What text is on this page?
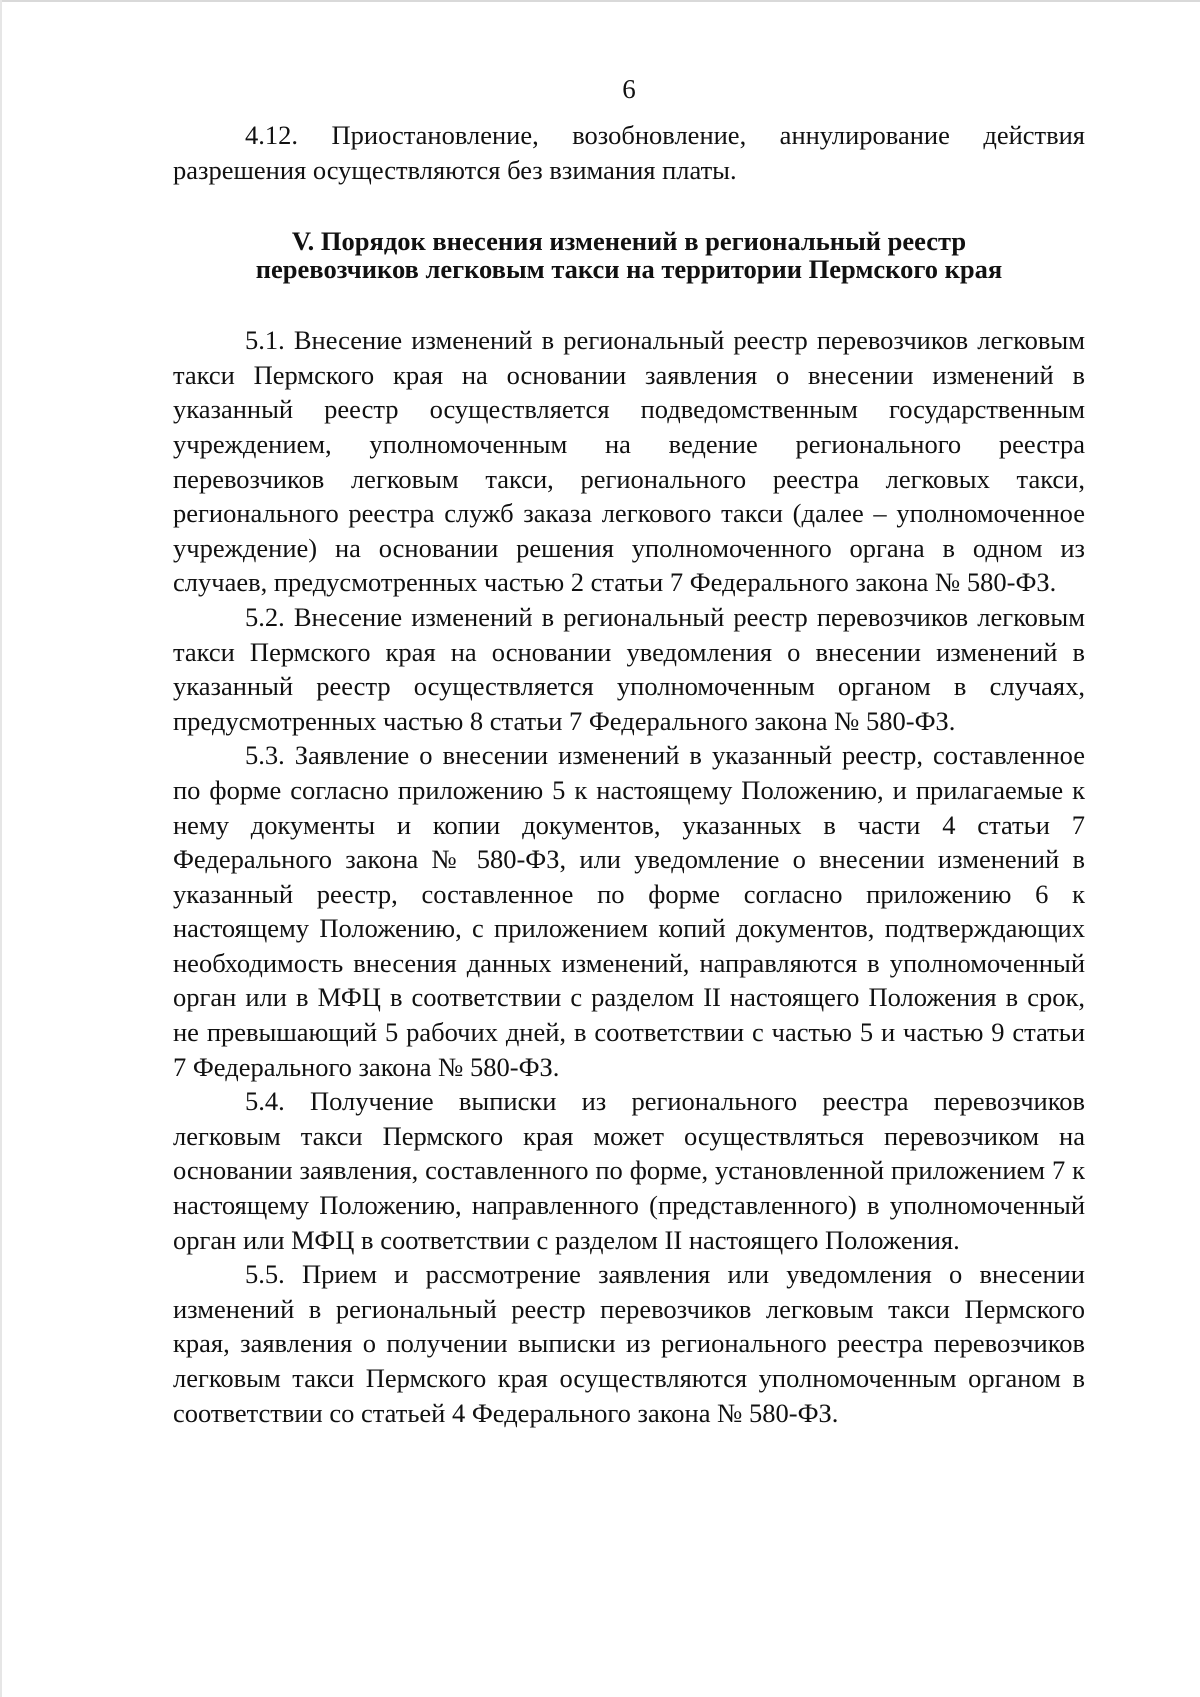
6

4.12. Приостановление, возобновление, аннулирование действия разрешения осуществляются без взимания платы.

V. Порядок внесения изменений в региональный реестр
перевозчиков легковым такси на территории Пермского края

5.1. Внесение изменений в региональный реестр перевозчиков легковым такси Пермского края на основании заявления о внесении изменений в указанный реестр осуществляется подведомственным государственным учреждением, уполномоченным на ведение регионального реестра перевозчиков легковым такси, регионального реестра легковых такси, регионального реестра служб заказа легкового такси (далее – уполномоченное учреждение) на основании решения уполномоченного органа в одном из случаев, предусмотренных частью 2 статьи 7 Федерального закона № 580-ФЗ.

5.2. Внесение изменений в региональный реестр перевозчиков легковым такси Пермского края на основании уведомления о внесении изменений в указанный реестр осуществляется уполномоченным органом в случаях, предусмотренных частью 8 статьи 7 Федерального закона № 580-ФЗ.

5.3. Заявление о внесении изменений в указанный реестр, составленное по форме согласно приложению 5 к настоящему Положению, и прилагаемые к нему документы и копии документов, указанных в части 4 статьи 7 Федерального закона № 580-ФЗ, или уведомление о внесении изменений в указанный реестр, составленное по форме согласно приложению 6 к настоящему Положению, с приложением копий документов, подтверждающих необходимость внесения данных изменений, направляются в уполномоченный орган или в МФЦ в соответствии с разделом II настоящего Положения в срок, не превышающий 5 рабочих дней, в соответствии с частью 5 и частью 9 статьи 7 Федерального закона № 580-ФЗ.

5.4. Получение выписки из регионального реестра перевозчиков легковым такси Пермского края может осуществляться перевозчиком на основании заявления, составленного по форме, установленной приложением 7 к настоящему Положению, направленного (представленного) в уполномоченный орган или МФЦ в соответствии с разделом II настоящего Положения.

5.5. Прием и рассмотрение заявления или уведомления о внесении изменений в региональный реестр перевозчиков легковым такси Пермского края, заявления о получении выписки из регионального реестра перевозчиков легковым такси Пермского края осуществляются уполномоченным органом в соответствии со статьей 4 Федерального закона № 580-ФЗ.
